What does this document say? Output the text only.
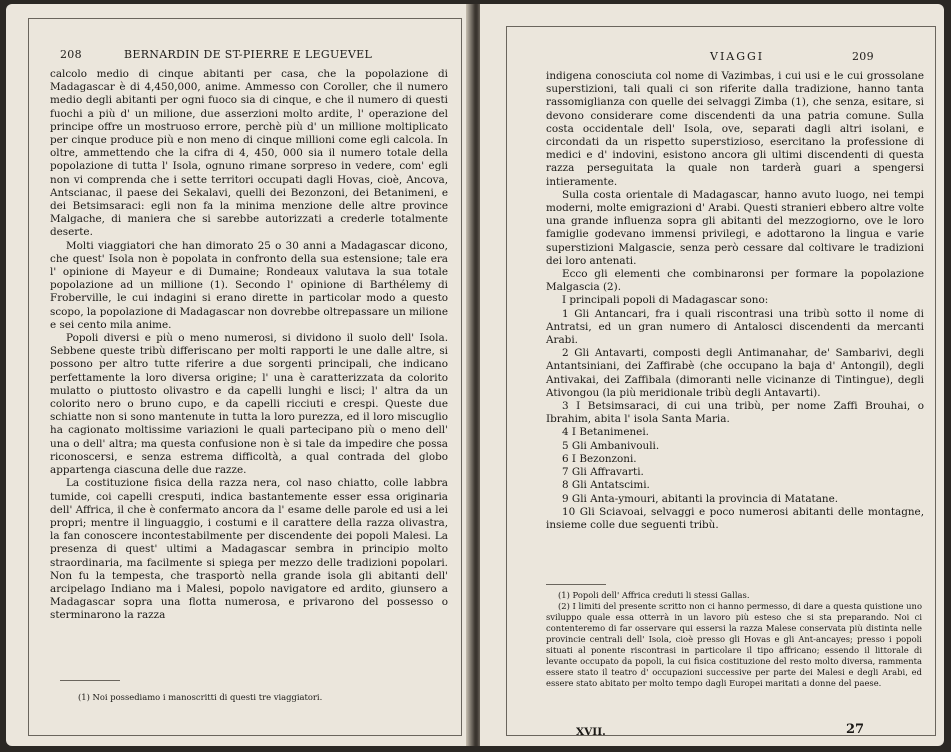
208	BERNARDIN DE ST-PIERRE E LEGUEVEL

calcolo medio di cinque abitanti per casa, che la popolazione di Madagascar è di 4,450,000, anime. Ammesso con Coroller, che il numero medio degli abitanti per ogni fuoco sia di cinque, e che il numero di questi fuochi a più d' un milione, due asserzioni molto ardite, l' operazione del principe offre un mostruoso errore, perchè più d' un millione moltiplicato per cinque produce più e non meno di cinque millioni come egli calcola. In oltre, ammettendo che la cifra di 4, 450, 000 sia il numero totale della popolazione di tutta l' Isola, ognuno rimane sorpreso in vedere, com' egli non vi comprenda che i sette territori occupati dagli Hovas, cioè, Ancova, Antscianac, il paese dei Sekalavi, quelli dei Bezonzoni, dei Betanimeni, e dei Betsimsaraci: egli non fa la minima menzione delle altre province Malgache, di maniera che si sarebbe autorizzati a crederle totalmente deserte.

Molti viaggiatori che han dimorato 25 o 30 anni a Madagascar dicono, che quest' Isola non è popolata in confronto della sua estensione; tale era l' opinione di Mayeur e di Dumaine; Rondeaux valutava la sua totale popolazione ad un millione (1). Secondo l' opinione di Barthélemy di Froberville, le cui indagini si erano dirette in particolar modo a questo scopo, la popolazione di Madagascar non dovrebbe oltrepassare un milione e sei cento mila anime.

Popoli diversi e più o meno numerosi, si dividono il suolo dell' Isola. Sebbene queste tribù differiscano per molti rapporti le une dalle altre, si possono per altro tutte riferire a due sorgenti principali, che indicano perfettamente la loro diversa origine; l' una è caratterizzata da colorito mulatto o piuttosto olivastro e da capelli lunghi e lisci; l' altra da un colorito nero o bruno cupo, e da capelli ricciuti e crespi. Queste due schiatte non si sono mantenute in tutta la loro purezza, ed il loro miscuglio ha cagionato moltissime variazioni le quali partecipano più o meno dell' una o dell' altra; ma questa confusione non è si tale da impedire che possa riconoscersi, e senza estrema difficoltà, a qual contrada del globo appartenga ciascuna delle due razze.

La costituzione fisica della razza nera, col naso chiatto, colle labbra tumide, coi capelli cresputi, indica bastantemente esser essa originaria dell' Affrica, il che è confermato ancora da l' esame delle parole ed usi a lei propri; mentre il linguaggio, i costumi e il carattere della razza olivastra, la fan conoscere incontestabilmente per discendente dei popoli Malesi. La presenza di quest' ultimi a Madagascar sembra in principio molto straordinaria, ma facilmente si spiega per mezzo delle tradizioni popolari. Non fu la tempesta, che trasportò nella grande isola gli abitanti dell' arcipelago Indiano ma i Malesi, popolo navigatore ed ardito, giunsero a Madagascar sopra una flotta numerosa, e privarono del possesso o sterminarono la razza

(1) Noi possediamo i manoscritti di questi tre viaggiatori.

VIAGGI	209

indigena conosciuta col nome di Vazimbas, i cui usi e le cui grossolane superstizioni, tali quali ci son riferite dalla tradizione, hanno tanta rassomiglianza con quelle dei selvaggi Zimba (1), che senza, esitare, si devono considerare come discendenti da una patria comune. Sulla costa occidentale dell' Isola, ove, separati dagli altri isolani, e circondati da un rispetto superstizioso, esercitano la professione di medici e d' indovini, esistono ancora gli ultimi discendenti di questa razza perseguitata la quale non tarderà guari a spengersi intieramente.

Sulla costa orientale di Madagascar, hanno avuto luogo, nei tempi moderni, molte emigrazioni d' Arabi. Questi stranieri ebbero altre volte una grande influenza sopra gli abitanti del mezzogiorno, ove le loro famiglie godevano immensi privilegi, e adottarono la lingua e varie superstizioni Malgascie, senza però cessare dal coltivare le tradizioni dei loro antenati.

Ecco gli elementi che combinaronsi per formare la popolazione Malgascia (2).

I principali popoli di Madagascar sono:

1 Gli Antancari, fra i quali riscontrasi una tribù sotto il nome di Antratsi, ed un gran numero di Antalosci discendenti da mercanti Arabi.
2 Gli Antavarti, composti degli Antimanahar, de' Sambarivi, degli Antantsiniani, dei Zaffirabè (che occupano la baja d' Antongil), degli Antivakai, dei Zaffibala (dimoranti nelle vicinanze di Tintingue), degli Ativongou (la più meridionale tribù degli Antavarti).
3 I Betsimsaraci, di cui una tribù, per nome Zaffi Brouhai, o Ibrahim, abita l' isola Santa Maria.
4 I Betanimenei.
5 Gli Ambanivouli.
6 I Bezonzoni.
7 Gli Affravarti.
8 Gli Antatscimi.
9 Gli Anta-ymouri, abitanti la provincia di Matatane.
10 Gli Sciavoai, selvaggi e poco numerosi abitanti delle montagne, insieme colle due seguenti tribù.

(1) Popoli dell' Affrica creduti li stessi Gallas.

(2) I limiti del presente scritto non ci hanno permesso, di dare a questa quistione uno sviluppo quale essa otterrà in un lavoro più esteso che si sta preparando. Noi ci contenteremo di far osservare qui essersi la razza Malese conservata più distinta nelle provincie centrali dell' Isola, cioè presso gli Hovas e gli Ant-ancayes; presso i popoli situati al ponente riscontrasi in particolare il tipo affricano; essendo il littorale di levante occupato da popoli, la cui fisica costituzione del resto molto diversa, rammenta essere stato il teatro d' occupazioni successive per parte dei Malesi e degli Arabi, ed essere stato abitato per molto tempo dagli Europei maritati a donne del paese.

XVII.	27
